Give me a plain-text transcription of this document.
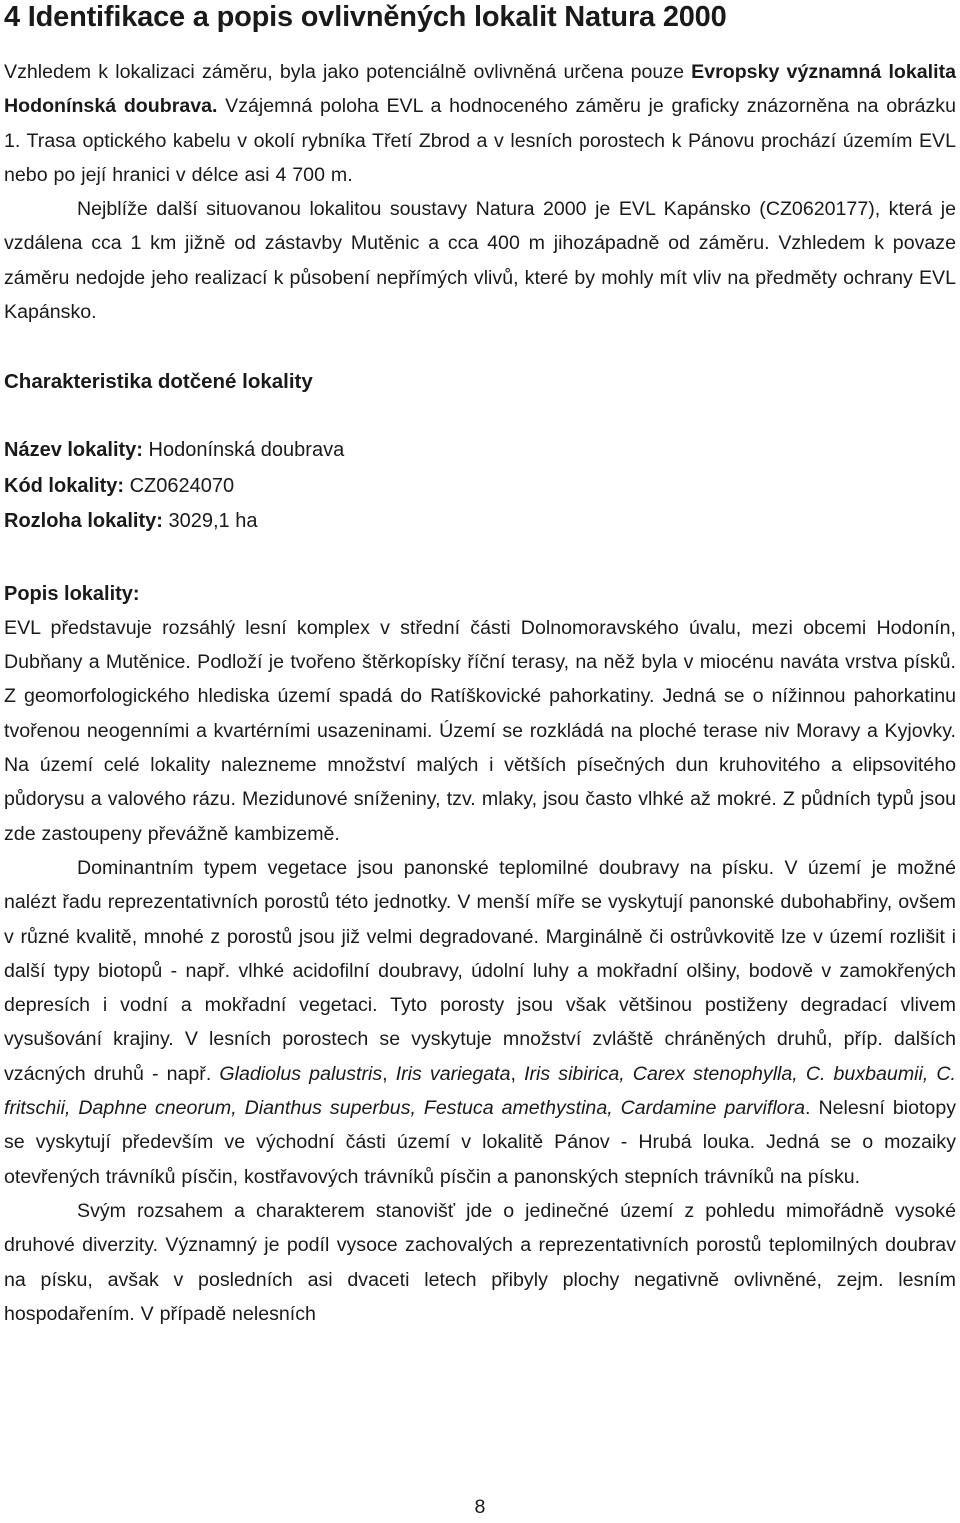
4 Identifikace a popis ovlivněných lokalit Natura 2000

Vzhledem k lokalizaci záměru, byla jako potenciálně ovlivněná určena pouze Evropsky významná lokalita Hodonínská doubrava. Vzájemná poloha EVL a hodnoceného záměru je graficky znázorněna na obrázku 1. Trasa optického kabelu v okolí rybníka Třetí Zbrod a v lesních porostech k Pánovu prochází územím EVL nebo po její hranici v délce asi 4 700 m.

Nejblíže další situovanou lokalitou soustavy Natura 2000 je EVL Kapánsko (CZ0620177), která je vzdálena cca 1 km jižně od zástavby Mutěnic a cca 400 m jihozápadně od záměru. Vzhledem k povaze záměru nedojde jeho realizací k působení nepřímých vlivů, které by mohly mít vliv na předměty ochrany EVL Kapánsko.

Charakteristika dotčené lokality

Název lokality: Hodonínská doubrava

Kód lokality: CZ0624070

Rozloha lokality: 3029,1 ha

Popis lokality:

EVL představuje rozsáhlý lesní komplex v střední části Dolnomoravského úvalu, mezi obcemi Hodonín, Dubňany a Mutěnice. Podloží je tvořeno štěrkopísky říční terasy, na něž byla v miocénu navátа vrstva písků. Z geomorfologického hlediska území spadá do Ratíškovické pahorkatiny. Jedná se o nížinnou pahorkatinu tvořenou neogenními a kvartérními usazeninami. Území se rozkládá na ploché terase niv Moravy a Kyjovky. Na území celé lokality nalezneme množství malých i větších písečných dun kruhovitého a elipsovitého půdorysu a valového rázu. Mezidunové sníženiny, tzv. mlaky, jsou často vlhké až mokré. Z půdních typů jsou zde zastoupeny převážně kambizemě.

Dominantním typem vegetace jsou panonské teplomilné doubravy na písku. V území je možné nalézt řadu reprezentativních porostů této jednotky. V menší míře se vyskytují panonské dubohabřiny, ovšem v různé kvalitě, mnohé z porostů jsou již velmi degradované. Marginálně či ostrůvkovitě lze v území rozlišit i další typy biotopů - např. vlhké acidofilní doubravy, údolní luhy a mokřadní olšiny, bodově v zamokřených depresích i vodní a mokřadní vegetaci. Tyto porosty jsou však většinou postiženy degradací vlivem vysušování krajiny. V lesních porostech se vyskytuje množství zvláště chráněných druhů, příp. dalších vzácných druhů - např. Gladiolus palustris, Iris variegata, Iris sibirica, Carex stenophylla, C. buxbaumii, C. fritschii, Daphne cneorum, Dianthus superbus, Festuca amethystina, Cardamine parviflora. Nelesní biotopy se vyskytují především ve východní části území v lokalitě Pánov - Hrubá louka. Jedná se o mozaiky otevřených trávníků písčin, kostřavových trávníků písčin a panonských stepních trávníků na písku.

Svým rozsahem a charakterem stanovišť jde o jedinečné území z pohledu mimořádně vysoké druhové diverzity. Významný je podíl vysoce zachovalých a reprezentativních porostů teplomilných doubrav na písku, avšak v posledních asi dvaceti letech přibyly plochy negativně ovlivněné, zejm. lesním hospodařením. V případě nelesních

8
